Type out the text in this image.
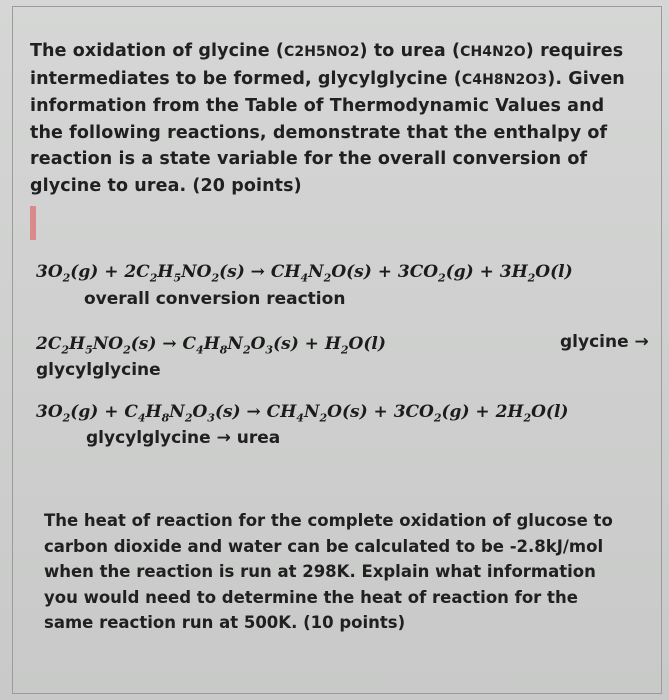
The oxidation of glycine (C2H5NO2) to urea (CH4N2O) requires
intermediates to be formed, glycylglycine (C4H8N2O3). Given
information from the Table of Thermodynamic Values and
the following reactions, demonstrate that the enthalpy of
reaction is a state variable for the overall conversion of
glycine to urea. (20 points)
$3O_2(g) + 2C_2H_5NO_2(s) \to CH_4N_2O(s) + 3CO_2(g) + 3H_2O(l)$
overall conversion reaction
$2C_2H_5NO_2(s) \to C_4H_8N_2O_3(s) + H_2O(l)$	glycine →
glycylglycine
$3O_2(g) + C_4H_8N_2O_3(s) \to CH_4N_2O(s) + 3CO_2(g) + 2H_2O(l)$
glycylglycine → urea
The heat of reaction for the complete oxidation of glucose to
carbon dioxide and water can be calculated to be -2.8kJ/mol
when the reaction is run at 298K. Explain what information
you would need to determine the heat of reaction for the
same reaction run at 500K. (10 points)
